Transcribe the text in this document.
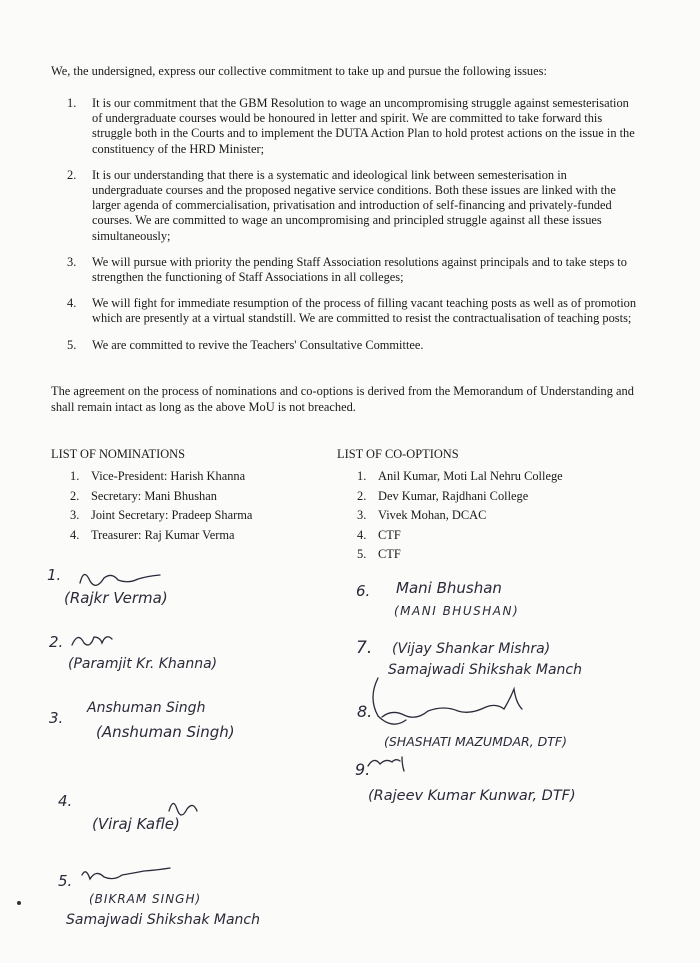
We, the undersigned, express our collective commitment to take up and pursue the following issues:
1. It is our commitment that the GBM Resolution to wage an uncompromising struggle against semesterisation of undergraduate courses would be honoured in letter and spirit. We are committed to take forward this struggle both in the Courts and to implement the DUTA Action Plan to hold protest actions on the issue in the constituency of the HRD Minister;
2. It is our understanding that there is a systematic and ideological link between semesterisation in undergraduate courses and the proposed negative service conditions. Both these issues are linked with the larger agenda of commercialisation, privatisation and introduction of self-financing and privately-funded courses. We are committed to wage an uncompromising and principled struggle against all these issues simultaneously;
3. We will pursue with priority the pending Staff Association resolutions against principals and to take steps to strengthen the functioning of Staff Associations in all colleges;
4. We will fight for immediate resumption of the process of filling vacant teaching posts as well as of promotion which are presently at a virtual standstill. We are committed to resist the contractualisation of teaching posts;
5. We are committed to revive the Teachers' Consultative Committee.
The agreement on the process of nominations and co-options is derived from the Memorandum of Understanding and shall remain intact as long as the above MoU is not breached.
LIST OF NOMINATIONS	LIST OF CO-OPTIONS
1. Vice-President: Harish Khanna
2. Secretary: Mani Bhushan
3. Joint Secretary: Pradeep Sharma
4. Treasurer: Raj Kumar Verma
1. Anil Kumar, Moti Lal Nehru College
2. Dev Kumar, Rajdhani College
3. Vivek Mohan, DCAC
4. CTF
5. CTF
1.
(Rajkr Verma)
2.
(Paramjit Kr. Khanna)
3.
Anshuman Singh
(Anshuman Singh)
4.
(Viraj Kafle)
5.
(BIKRAM SINGH)
Samajwadi Shikshak Manch
6. Mani Bhushan
(MANI BHUSHAN)
7. (Vijay Shankar Mishra)
Samajwadi Shikshak Manch
8.
(SHASHATI MAZUMDAR, DTF)
9.
(Rajeev Kumar Kunwar, DTF)
